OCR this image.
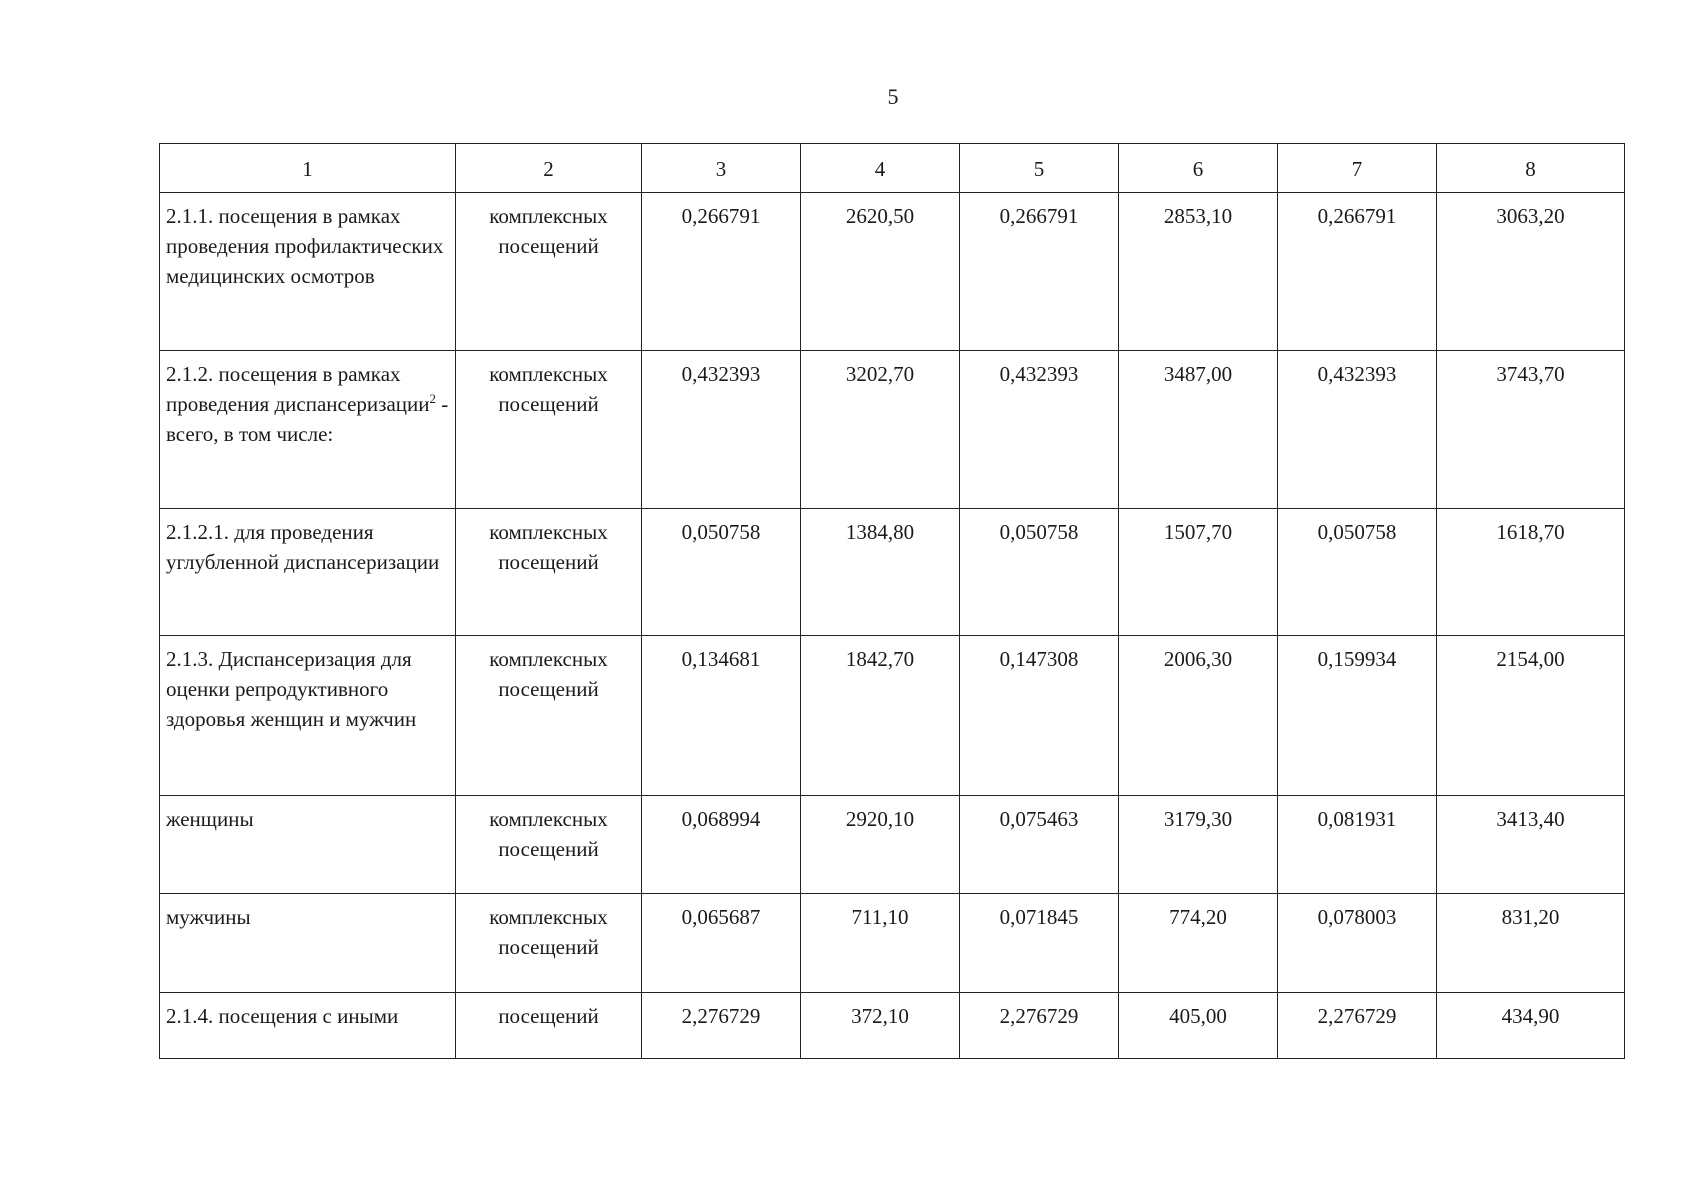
5
1	2	3	4	5	6	7	8
2.1.1. посещения в рамках проведения профилактических медицинских осмотров	комплексных посещений	0,266791	2620,50	0,266791	2853,10	0,266791	3063,20
2.1.2. посещения в рамках проведения диспансеризации$^2$ - всего, в том числе:	комплексных посещений	0,432393	3202,70	0,432393	3487,00	0,432393	3743,70
2.1.2.1. для проведения углубленной диспансеризации	комплексных посещений	0,050758	1384,80	0,050758	1507,70	0,050758	1618,70
2.1.3. Диспансеризация для оценки репродуктивного здоровья женщин и мужчин	комплексных посещений	0,134681	1842,70	0,147308	2006,30	0,159934	2154,00
женщины	комплексных посещений	0,068994	2920,10	0,075463	3179,30	0,081931	3413,40
мужчины	комплексных посещений	0,065687	711,10	0,071845	774,20	0,078003	831,20
2.1.4. посещения с иными	посещений	2,276729	372,10	2,276729	405,00	2,276729	434,90
